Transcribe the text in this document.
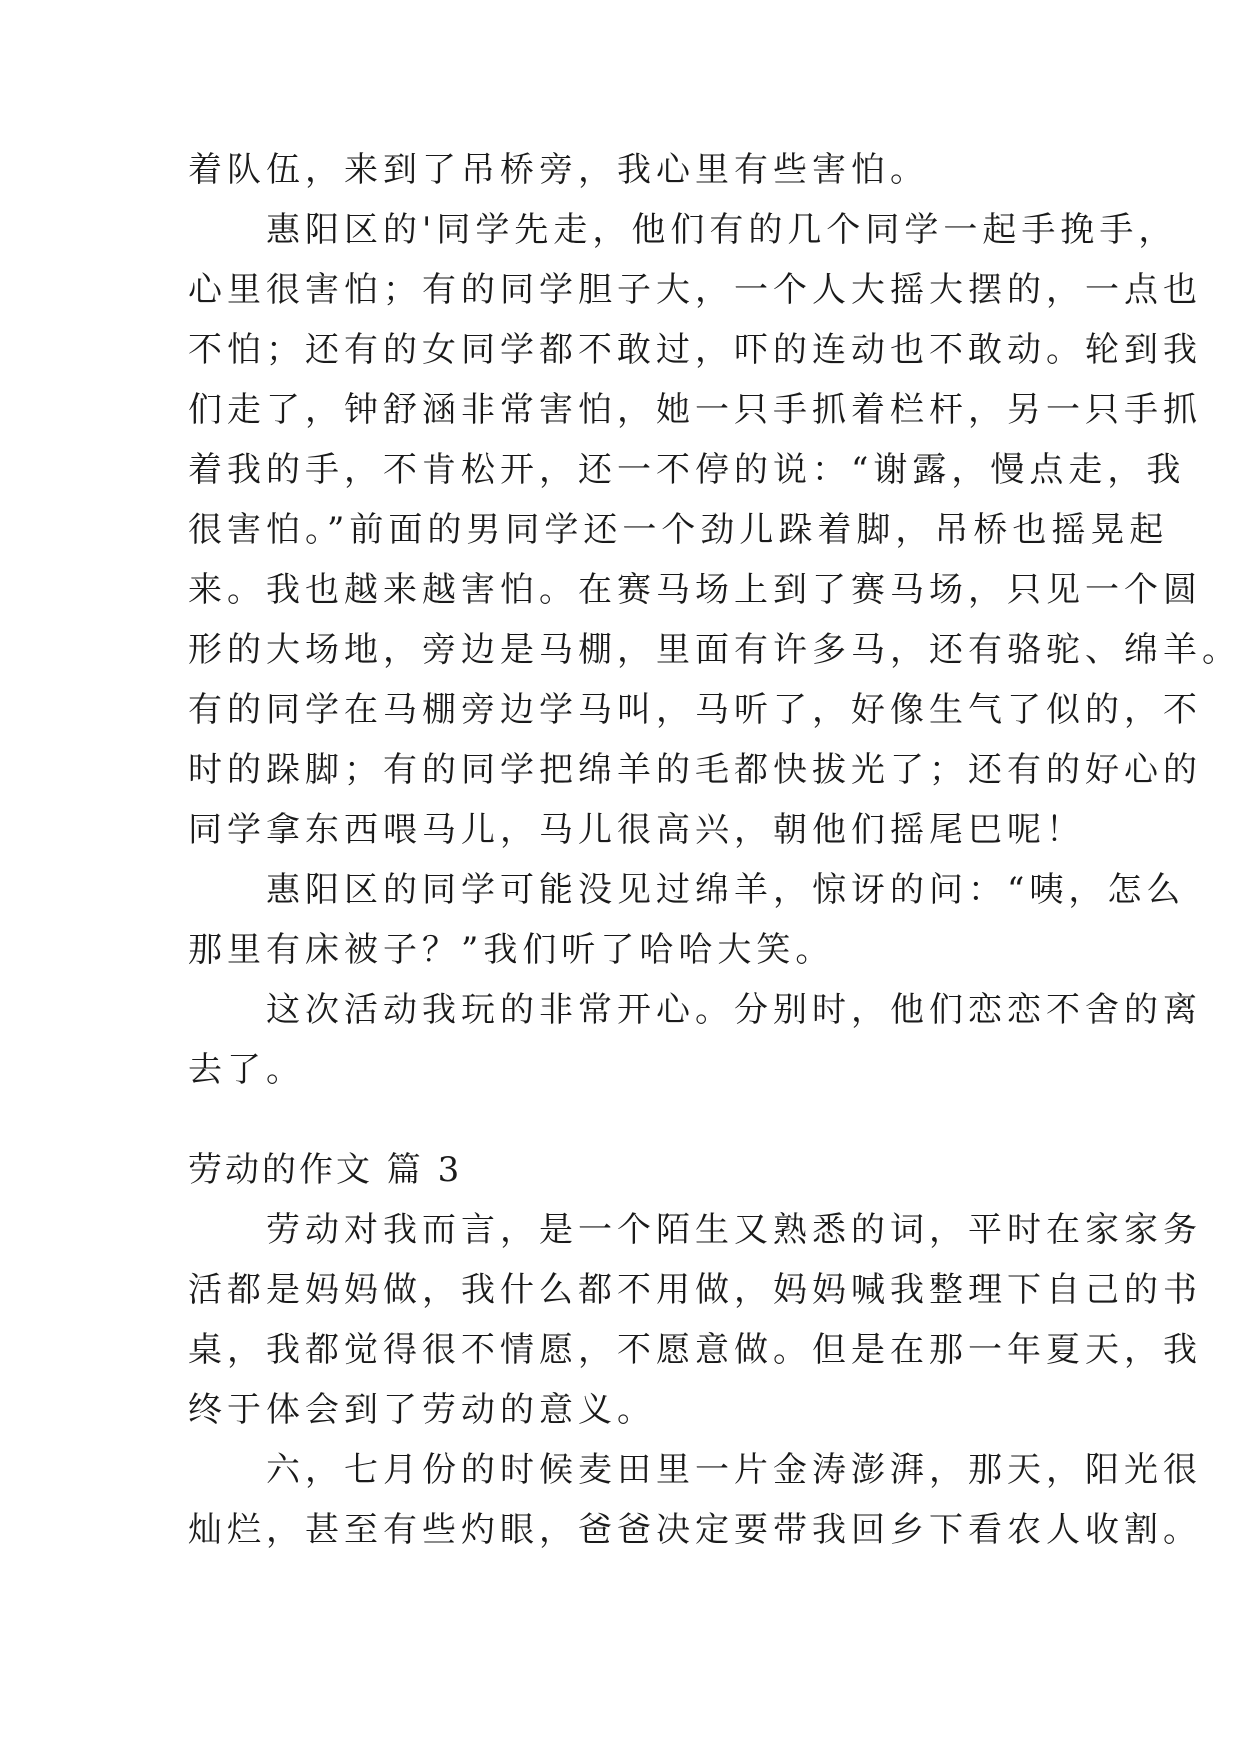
着队伍，来到了吊桥旁，我心里有些害怕。
　　惠阳区的'同学先走，他们有的几个同学一起手挽手，
心里很害怕；有的同学胆子大，一个人大摇大摆的，一点也
不怕；还有的女同学都不敢过，吓的连动也不敢动。轮到我
们走了，钟舒涵非常害怕，她一只手抓着栏杆，另一只手抓
着我的手，不肯松开，还一不停的说：“谢露，慢点走，我
很害怕。”前面的男同学还一个劲儿跺着脚，吊桥也摇晃起
来。我也越来越害怕。在赛马场上到了赛马场，只见一个圆
形的大场地，旁边是马棚，里面有许多马，还有骆驼、绵羊。
有的同学在马棚旁边学马叫，马听了，好像生气了似的，不
时的跺脚；有的同学把绵羊的毛都快拔光了；还有的好心的
同学拿东西喂马儿，马儿很高兴，朝他们摇尾巴呢！
　　惠阳区的同学可能没见过绵羊，惊讶的问：“咦，怎么
那里有床被子？”我们听了哈哈大笑。
　　这次活动我玩的非常开心。分别时，他们恋恋不舍的离
去了。
劳动的作文 篇 3
　　劳动对我而言，是一个陌生又熟悉的词，平时在家家务
活都是妈妈做，我什么都不用做，妈妈喊我整理下自己的书
桌，我都觉得很不情愿，不愿意做。但是在那一年夏天，我
终于体会到了劳动的意义。
　　六，七月份的时候麦田里一片金涛澎湃，那天，阳光很
灿烂，甚至有些灼眼，爸爸决定要带我回乡下看农人收割。
